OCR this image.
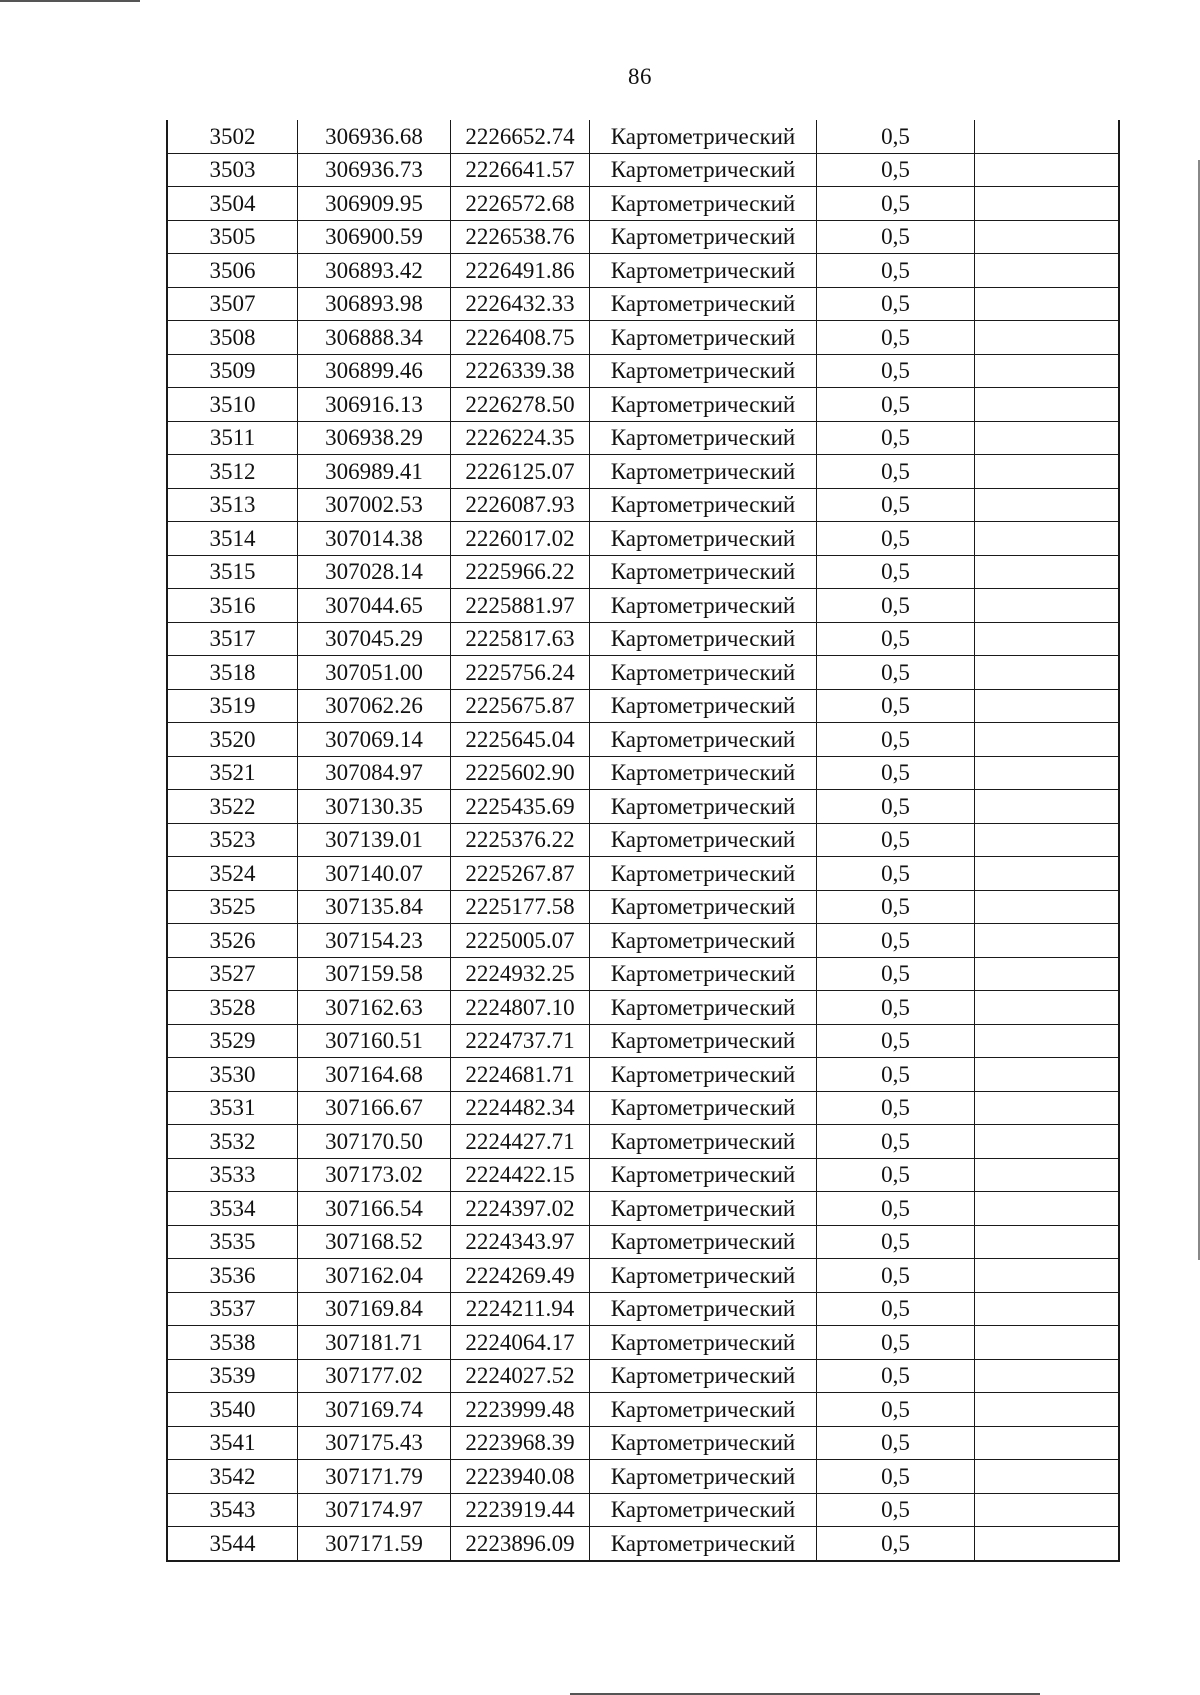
86
3502	306936.68	2226652.74	Картометрический	0,5	
3503	306936.73	2226641.57	Картометрический	0,5	
3504	306909.95	2226572.68	Картометрический	0,5	
3505	306900.59	2226538.76	Картометрический	0,5	
3506	306893.42	2226491.86	Картометрический	0,5	
3507	306893.98	2226432.33	Картометрический	0,5	
3508	306888.34	2226408.75	Картометрический	0,5	
3509	306899.46	2226339.38	Картометрический	0,5	
3510	306916.13	2226278.50	Картометрический	0,5	
3511	306938.29	2226224.35	Картометрический	0,5	
3512	306989.41	2226125.07	Картометрический	0,5	
3513	307002.53	2226087.93	Картометрический	0,5	
3514	307014.38	2226017.02	Картометрический	0,5	
3515	307028.14	2225966.22	Картометрический	0,5	
3516	307044.65	2225881.97	Картометрический	0,5	
3517	307045.29	2225817.63	Картометрический	0,5	
3518	307051.00	2225756.24	Картометрический	0,5	
3519	307062.26	2225675.87	Картометрический	0,5	
3520	307069.14	2225645.04	Картометрический	0,5	
3521	307084.97	2225602.90	Картометрический	0,5	
3522	307130.35	2225435.69	Картометрический	0,5	
3523	307139.01	2225376.22	Картометрический	0,5	
3524	307140.07	2225267.87	Картометрический	0,5	
3525	307135.84	2225177.58	Картометрический	0,5	
3526	307154.23	2225005.07	Картометрический	0,5	
3527	307159.58	2224932.25	Картометрический	0,5	
3528	307162.63	2224807.10	Картометрический	0,5	
3529	307160.51	2224737.71	Картометрический	0,5	
3530	307164.68	2224681.71	Картометрический	0,5	
3531	307166.67	2224482.34	Картометрический	0,5	
3532	307170.50	2224427.71	Картометрический	0,5	
3533	307173.02	2224422.15	Картометрический	0,5	
3534	307166.54	2224397.02	Картометрический	0,5	
3535	307168.52	2224343.97	Картометрический	0,5	
3536	307162.04	2224269.49	Картометрический	0,5	
3537	307169.84	2224211.94	Картометрический	0,5	
3538	307181.71	2224064.17	Картометрический	0,5	
3539	307177.02	2224027.52	Картометрический	0,5	
3540	307169.74	2223999.48	Картометрический	0,5	
3541	307175.43	2223968.39	Картометрический	0,5	
3542	307171.79	2223940.08	Картометрический	0,5	
3543	307174.97	2223919.44	Картометрический	0,5	
3544	307171.59	2223896.09	Картометрический	0,5	
